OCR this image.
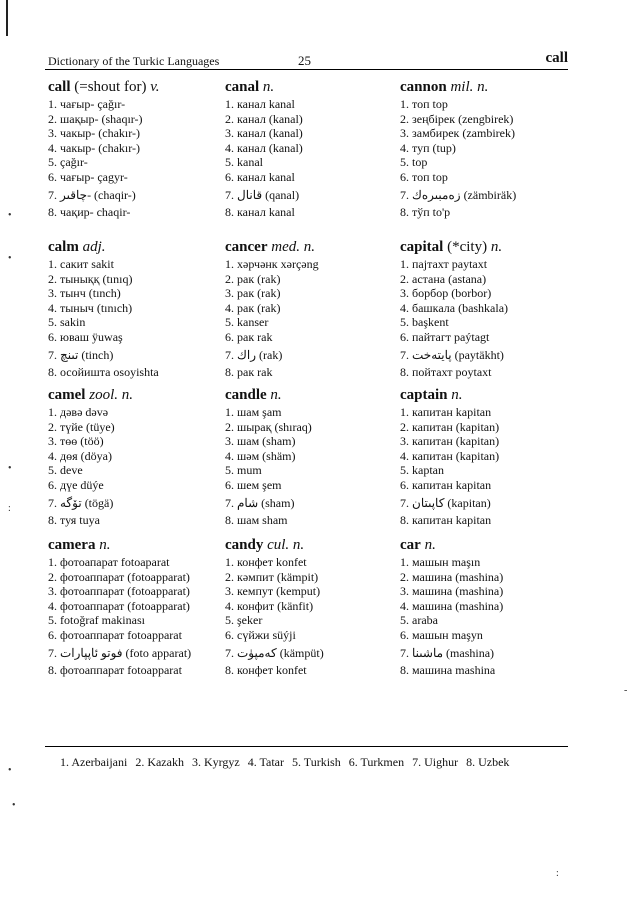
Dictionary of the Turkic Languages	25	call
call (=shout for) v.
1. чағыр- çağır-
2. шақыр- (shaqır-)
3. чакыр- (chakır-)
4. чакыр- (chakır-)
5. çağır-
6. чағыр- çagyr-
7. چاقىر- (chaqir-)
8. чақир- chaqir-
calm adj.
1. сакит sakit
2. тыныққ (tınıq)
3. тынч (tınch)
4. тыныч (tınıch)
5. sakin
6. юваш ÿuwaş
7. تىنچ (tinch)
8. осойишта osoyishta
camel zool. n.
1. дәвә dəvə
2. түйе (tüye)
3. төө (töö)
4. дөя (döya)
5. deve
6. дүе düýe
7. تۆگە (tögä)
8. туя tuya
camera n.
1. фотоапарат fotoaparat
2. фотоаппарат (fotoapparat)
3. фотоаппарат (fotoapparat)
4. фотоаппарат (fotoapparat)
5. fotoğraf makinası
6. фотоаппарат fotoapparat
7. فوتو ئاپپارات (foto apparat)
8. фотоаппарат fotoapparat
canal n.
1. канал kanal
2. канал (kanal)
3. канал (kanal)
4. канал (kanal)
5. kanal
6. канал kanal
7. قانال (qanal)
8. канал kanal
cancer med. n.
1. хәрчәнк xərçəng
2. рак (rak)
3. рак (rak)
4. рак (rak)
5. kanser
6. рак rak
7. راك (rak)
8. рак rak
candle n.
1. шам şam
2. шырақ (shıraq)
3. шам (sham)
4. шәм (shäm)
5. mum
6. шем şem
7. شام (sham)
8. шам sham
candy cul. n.
1. конфет konfet
2. кәмпит (kämpit)
3. кемпут (kemput)
4. конфит (känfit)
5. şeker
6. сүйжи süýji
7. كەمپۈت (kämpüt)
8. конфет konfet
cannon mil. n.
1. топ top
2. зеңбірек (zengbirek)
3. замбирек (zambirek)
4. туп (tup)
5. top
6. топ top
7. زەمبىرەك (zämbiräk)
8. тўп to'p
capital (*city) n.
1. пајтахт paytaxt
2. астана (astana)
3. борбор (borbor)
4. башкала (bashkala)
5. başkent
6. пайтагт paýtagt
7. پايتەخت (paytäkht)
8. пойтахт poytaxt
captain n.
1. капитан kapitan
2. капитан (kapitan)
3. капитан (kapitan)
4. капитан (kapitan)
5. kaptan
6. капитан kapitan
7. كاپىتان (kapitan)
8. капитан kapitan
car n.
1. машын maşın
2. машина (mashina)
3. машина (mashina)
4. машина (mashina)
5. araba
6. машын maşyn
7. ماشىنا (mashina)
8. машина mashina
1. Azerbaijani 2. Kazakh 3. Kyrgyz 4. Tatar 5. Turkish 6. Turkmen 7. Uighur 8. Uzbek
•
•
•
:
•
•
:
-
